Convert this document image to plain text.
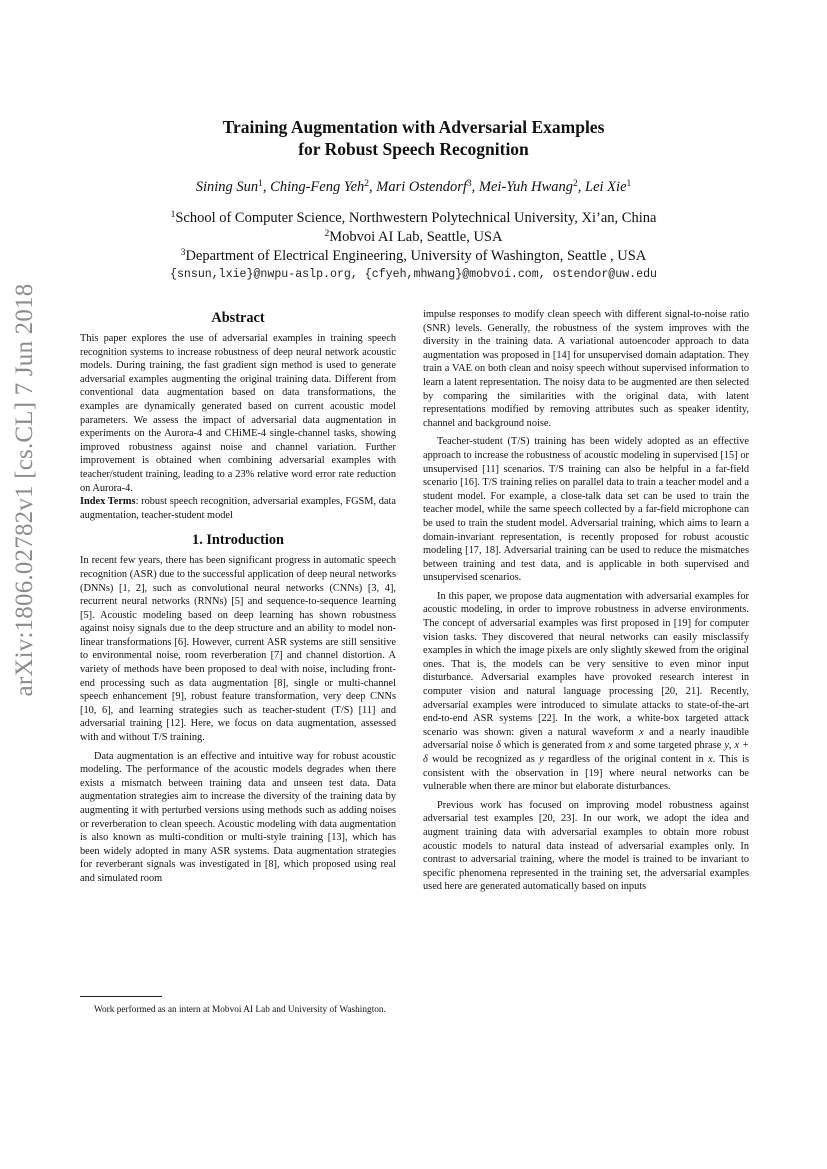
arXiv:1806.02782v1 [cs.CL] 7 Jun 2018
Training Augmentation with Adversarial Examples
for Robust Speech Recognition
Sining Sun$^1$, Ching-Feng Yeh$^2$, Mari Ostendorf$^3$, Mei-Yuh Hwang$^2$, Lei Xie$^1$
$^1$School of Computer Science, Northwestern Polytechnical University, Xi’an, China
$^2$Mobvoi AI Lab, Seattle, USA
$^3$Department of Electrical Engineering, University of Washington, Seattle , USA
{snsun,lxie}@nwpu-aslp.org, {cfyeh,mhwang}@mobvoi.com, ostendor@uw.edu
Abstract

This paper explores the use of adversarial examples in training speech recognition systems to increase robustness of deep neural network acoustic models. During training, the fast gradient sign method is used to generate adversarial examples augmenting the original training data. Different from conventional data augmentation based on data transformations, the examples are dynamically generated based on current acoustic model parameters. We assess the impact of adversarial data augmentation in experiments on the Aurora-4 and CHiME-4 single-channel tasks, showing improved robustness against noise and channel variation. Further improvement is obtained when combining adversarial examples with teacher/student training, leading to a 23% relative word error rate reduction on Aurora-4.

Index Terms: robust speech recognition, adversarial examples, FGSM, data augmentation, teacher-student model

1. Introduction

In recent few years, there has been significant progress in automatic speech recognition (ASR) due to the successful application of deep neural networks (DNNs) [1, 2], such as convolutional neural networks (CNNs) [3, 4], recurrent neural networks (RNNs) [5] and sequence-to-sequence learning [5]. Acoustic modeling based on deep learning has shown robustness against noisy signals due to the deep structure and an ability to model non-linear transformations [6]. However, current ASR systems are still sensitive to environmental noise, room reverberation [7] and channel distortion. A variety of methods have been proposed to deal with noise, including front-end processing such as data augmentation [8], single or multi-channel speech enhancement [9], robust feature transformation, very deep CNNs [10, 6], and learning strategies such as teacher-student (T/S) [11] and adversarial training [12]. Here, we focus on data augmentation, assessed with and without T/S training.

Data augmentation is an effective and intuitive way for robust acoustic modeling. The performance of the acoustic models degrades when there exists a mismatch between training data and unseen test data. Data augmentation strategies aim to increase the diversity of the training data by augmenting it with perturbed versions using methods such as adding noises or reverberation to clean speech. Acoustic modeling with data augmentation is also known as multi-condition or multi-style training [13], which has been widely adopted in many ASR systems. Data augmentation strategies for reverberant signals was investigated in [8], which proposed using real and simulated room

Work performed as an intern at Mobvoi AI Lab and University of Washington.

impulse responses to modify clean speech with different signal-to-noise ratio (SNR) levels. Generally, the robustness of the system improves with the diversity in the training data. A variational autoencoder approach to data augmentation was proposed in [14] for unsupervised domain adaptation. They train a VAE on both clean and noisy speech without supervised information to learn a latent representation. The noisy data to be augmented are then selected by comparing the similarities with the original data, with latent representations modified by removing attributes such as speaker identity, channel and background noise.

Teacher-student (T/S) training has been widely adopted as an effective approach to increase the robustness of acoustic modeling in supervised [15] or unsupervised [11] scenarios. T/S training can also be helpful in a far-field scenario [16]. T/S training relies on parallel data to train a teacher model and a student model. For example, a close-talk data set can be used to train the teacher model, while the same speech collected by a far-field microphone can be used to train the student model. Adversarial training, which aims to learn a domain-invariant representation, is recently proposed for robust acoustic modeling [17, 18]. Adversarial training can be used to reduce the mismatches between training and test data, and is applicable in both supervised and unsupervised scenarios.

In this paper, we propose data augmentation with adversarial examples for acoustic modeling, in order to improve robustness in adverse environments. The concept of adversarial examples was first proposed in [19] for computer vision tasks. They discovered that neural networks can easily misclassify examples in which the image pixels are only slightly skewed from the original ones. That is, the models can be very sensitive to even minor input disturbance. Adversarial examples have provoked research interest in computer vision and natural language processing [20, 21]. Recently, adversarial examples were introduced to simulate attacks to state-of-the-art end-to-end ASR systems [22]. In the work, a white-box targeted attack scenario was shown: given a natural waveform x and a nearly inaudible adversarial noise δ which is generated from x and some targeted phrase y, x + δ would be recognized as y regardless of the original content in x. This is consistent with the observation in [19] where neural networks can be vulnerable when there are minor but elaborate disturbances.

Previous work has focused on improving model robustness against adversarial test examples [20, 23]. In our work, we adopt the idea and augment training data with adversarial examples to obtain more robust acoustic models to natural data instead of adversarial examples only. In contrast to adversarial training, where the model is trained to be invariant to specific phenomena represented in the training set, the adversarial examples used here are generated automatically based on inputs
